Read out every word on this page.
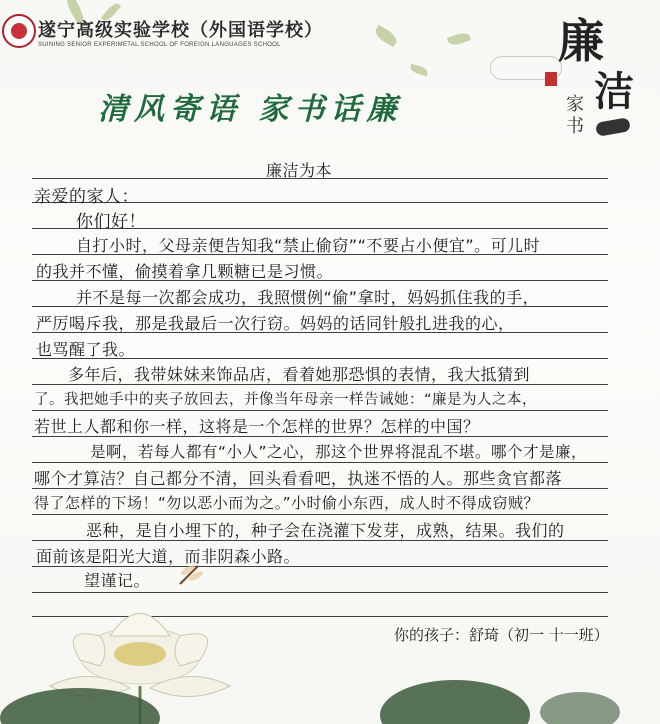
遂宁高级实验学校（外国语学校）
SUINING SENIOR EXPERIMETAL SCHOOL OF FOREIGN LANGUAGES SCHOOL
清风寄语 家书话廉
廉
洁
家书
廉洁为本
亲爱的家人：
你们好！
自打小时，父母亲便告知我“禁止偷窃”“不要占小便宜”。可儿时
的我并不懂，偷摸着拿几颗糖已是习惯。
并不是每一次都会成功，我照惯例“偷”拿时，妈妈抓住我的手，
严厉喝斥我，那是我最后一次行窃。妈妈的话同针般扎进我的心，
也骂醒了我。
多年后，我带妹妹来饰品店，看着她那恐惧的表情，我大抵猜到
了。我把她手中的夹子放回去，并像当年母亲一样告诫她：“廉是为人之本，
若世上人都和你一样，这将是一个怎样的世界？怎样的中国？
是啊，若每人都有“小人”之心，那这个世界将混乱不堪。哪个才是廉，
哪个才算洁？自己都分不清，回头看看吧，执迷不悟的人。那些贪官都落
得了怎样的下场！“勿以恶小而为之。”小时偷小东西，成人时不得成窃贼？
恶种，是自小埋下的，种子会在浇灌下发芽，成熟，结果。我们的
面前该是阳光大道，而非阴森小路。
望谨记。
你的孩子：舒琦（初一 十一班）
